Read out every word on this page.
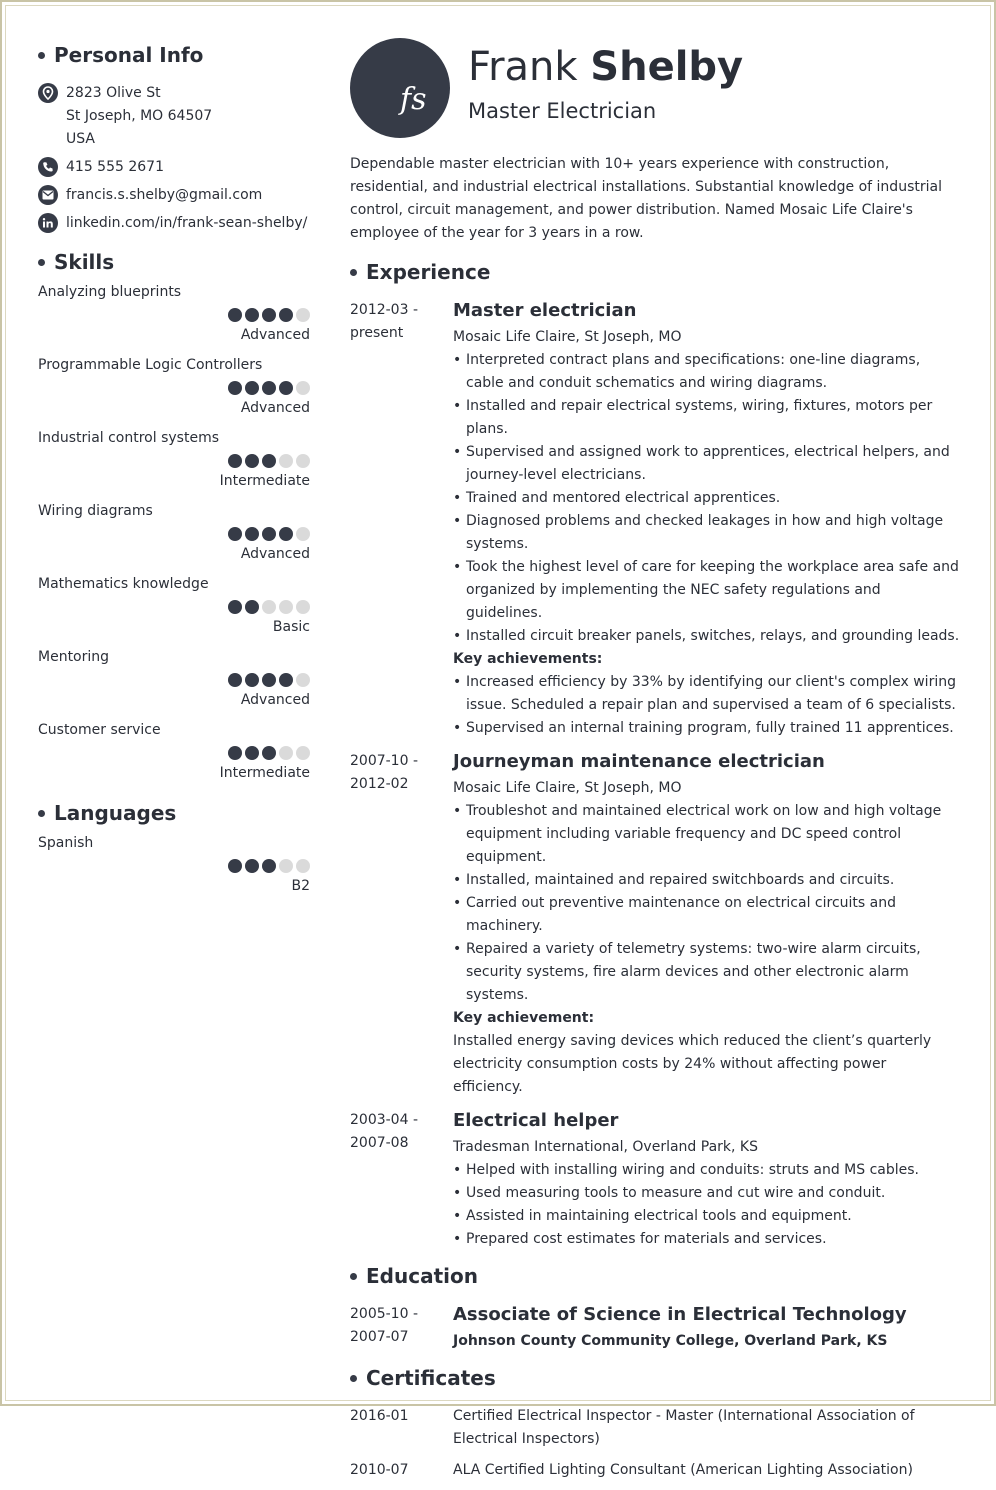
Personal Info
2823 Olive St
St Joseph, MO 64507
USA
415 555 2671
francis.s.shelby@gmail.com
linkedin.com/in/frank-sean-shelby/
Skills
Analyzing blueprints
Advanced
Programmable Logic Controllers
Advanced
Industrial control systems
Intermediate
Wiring diagrams
Advanced
Mathematics knowledge
Basic
Mentoring
Advanced
Customer service
Intermediate
Languages
Spanish
B2
fs
Frank Shelby
Master Electrician
Dependable master electrician with 10+ years experience with construction, residential, and industrial electrical installations. Substantial knowledge of industrial control, circuit management, and power distribution. Named Mosaic Life Claire's employee of the year for 3 years in a row.
Experience
2012-03 - present
Master electrician
Mosaic Life Claire, St Joseph, MO
• Interpreted contract plans and specifications: one-line diagrams, cable and conduit schematics and wiring diagrams.
• Installed and repair electrical systems, wiring, fixtures, motors per plans.
• Supervised and assigned work to apprentices, electrical helpers, and journey-level electricians.
• Trained and mentored electrical apprentices.
• Diagnosed problems and checked leakages in how and high voltage systems.
• Took the highest level of care for keeping the workplace area safe and organized by implementing the NEC safety regulations and guidelines.
• Installed circuit breaker panels, switches, relays, and grounding leads.
Key achievements:
• Increased efficiency by 33% by identifying our client's complex wiring issue. Scheduled a repair plan and supervised a team of 6 specialists.
• Supervised an internal training program, fully trained 11 apprentices.
2007-10 - 2012-02
Journeyman maintenance electrician
Mosaic Life Claire, St Joseph, MO
• Troubleshot and maintained electrical work on low and high voltage equipment including variable frequency and DC speed control equipment.
• Installed, maintained and repaired switchboards and circuits.
• Carried out preventive maintenance on electrical circuits and machinery.
• Repaired a variety of telemetry systems: two-wire alarm circuits, security systems, fire alarm devices and other electronic alarm systems.
Key achievement:
Installed energy saving devices which reduced the client’s quarterly electricity consumption costs by 24% without affecting power efficiency.
2003-04 - 2007-08
Electrical helper
Tradesman International, Overland Park, KS
• Helped with installing wiring and conduits: struts and MS cables.
• Used measuring tools to measure and cut wire and conduit.
• Assisted in maintaining electrical tools and equipment.
• Prepared cost estimates for materials and services.
Education
2005-10 - 2007-07
Associate of Science in Electrical Technology
Johnson County Community College, Overland Park, KS
Certificates
2016-01	Certified Electrical Inspector - Master (International Association of Electrical Inspectors)
2010-07	ALA Certified Lighting Consultant (American Lighting Association)
